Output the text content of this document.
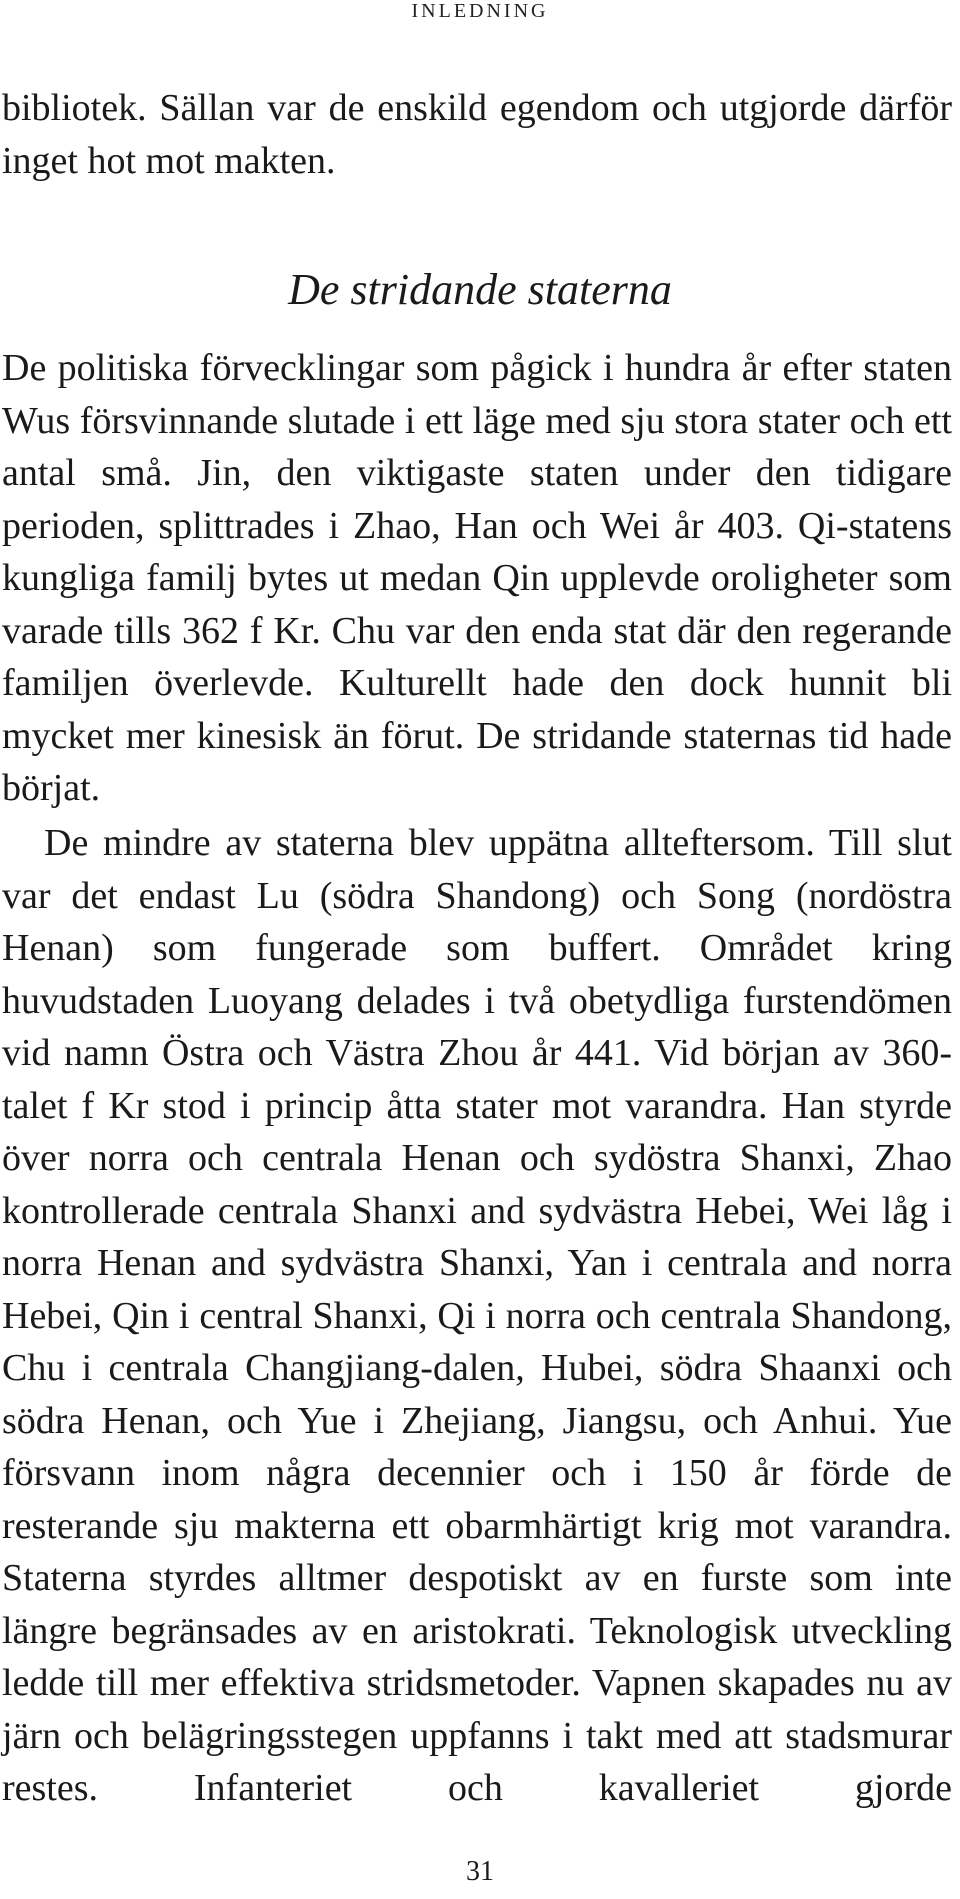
INLEDNING

bibliotek. Sällan var de enskild egendom och utgjorde därför inget hot mot makten.

De stridande staterna

De politiska förvecklingar som pågick i hundra år efter staten Wus försvinnande slutade i ett läge med sju stora stater och ett antal små. Jin, den viktigaste staten under den tidigare perioden, splittrades i Zhao, Han och Wei år 403. Qi-statens kungliga familj bytes ut medan Qin upplevde oroligheter som varade tills 362 f Kr. Chu var den enda stat där den regerande familjen överlevde. Kulturellt hade den dock hunnit bli mycket mer kinesisk än förut. De stridande staternas tid hade börjat.

De mindre av staterna blev uppätna allteftersom. Till slut var det endast Lu (södra Shandong) och Song (nordöstra Henan) som fungerade som buffert. Området kring huvudstaden Luoyang delades i två obetydliga furstendömen vid namn Östra och Västra Zhou år 441. Vid början av 360-talet f Kr stod i princip åtta stater mot varandra. Han styrde över norra och centrala Henan och sydöstra Shanxi, Zhao kontrollerade centrala Shanxi and sydvästra Hebei, Wei låg i norra Henan and sydvästra Shanxi, Yan i centrala and norra Hebei, Qin i central Shanxi, Qi i norra och centrala Shandong, Chu i centrala Changjiang-dalen, Hubei, södra Shaanxi och södra Henan, och Yue i Zhejiang, Jiangsu, och Anhui. Yue försvann inom några decennier och i 150 år förde de resterande sju makterna ett obarmhärtigt krig mot varandra. Staterna styrdes alltmer despotiskt av en furste som inte längre begränsades av en aristokrati. Teknologisk utveckling ledde till mer effektiva stridsmetoder. Vapnen skapades nu av järn och belägringsstegen uppfanns i takt med att stadsmurar restes. Infanteriet och kavalleriet gjorde

31
